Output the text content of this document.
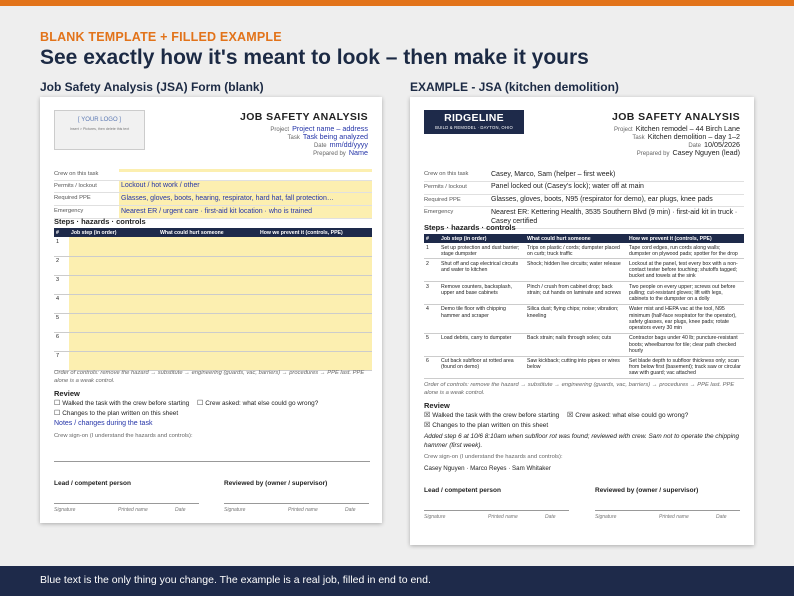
BLANK TEMPLATE + FILLED EXAMPLE
See exactly how it's meant to look – then make it yours
Job Safety Analysis (JSA) Form (blank)	EXAMPLE - JSA (kitchen demolition)
[ YOUR LOGO ]
Insert > Pictures, then delete this text
JOB SAFETY ANALYSIS
Project Project name – address
Task Task being analyzed
Date mm/dd/yyyy
Prepared by Name
Crew on this task
Permits / lockout	Lockout / hot work / other
Required PPE	Glasses, gloves, boots, hearing, respirator, hard hat, fall protection…
Emergency	Nearest ER / urgent care · first-aid kit location · who is trained
Steps · hazards · controls
#	Job step (in order)	What could hurt someone	How we prevent it (controls, PPE)
1			
2			
3			
4			
5			
6			
7			
Order of controls: remove the hazard → substitute → engineering (guards, vac, barriers) → procedures → PPE last. PPE alone is a weak control.
Review
☐ Walked the task with the crew before starting ☐ Crew asked: what else could go wrong? ☐ Changes to the plan written on this sheet
Notes / changes during the task
Crew sign-on (I understand the hazards and controls):
Lead / competent person	Reviewed by (owner / supervisor)
Signature	Printed name	Date	Signature	Printed name	Date
RIDGELINE
BUILD & REMODEL · DAYTON, OHIO
JOB SAFETY ANALYSIS
Project Kitchen remodel – 44 Birch Lane
Task Kitchen demolition – day 1–2
Date 10/05/2026
Prepared by Casey Nguyen (lead)
Crew on this task	Casey, Marco, Sam (helper – first week)
Permits / lockout	Panel locked out (Casey's lock); water off at main
Required PPE	Glasses, gloves, boots, N95 (respirator for demo), ear plugs, knee pads
Emergency	Nearest ER: Kettering Health, 3535 Southern Blvd (9 min) · first-aid kit in truck · Casey certified
Steps · hazards · controls
#	Job step (in order)	What could hurt someone	How we prevent it (controls, PPE)
1	Set up protection and dust barrier; stage dumpster	Trips on plastic / cords; dumpster placed on curb; truck traffic	Tape cord edges, run cords along walls; dumpster on plywood pads; spotter for the drop
2	Shut off and cap electrical circuits and water to kitchen	Shock; hidden live circuits; water release	Lockout at the panel, test every box with a non-contact tester before touching; shutoffs tagged; bucket and towels at the sink
3	Remove counters, backsplash, upper and base cabinets	Pinch / crush from cabinet drop; back strain; cut hands on laminate and screws	Two people on every upper; screws out before pulling; cut-resistant gloves; lift with legs, cabinets to the dumpster on a dolly
4	Demo tile floor with chipping hammer and scraper	Silica dust; flying chips; noise; vibration; kneeling	Water mist and HEPA vac at the tool, N95 minimum (half-face respirator for the operator), safety glasses, ear plugs, knee pads; rotate operators every 30 min
5	Load debris, carry to dumpster	Back strain; nails through soles; cuts	Contractor bags under 40 lb; puncture-resistant boots; wheelbarrow for tile; clear path checked hourly
6	Cut back subfloor at rotted area (found on demo)	Saw kickback; cutting into pipes or wires below	Set blade depth to subfloor thickness only; scan from below first (basement); track saw or circular saw with guard; vac attached
Order of controls: remove the hazard → substitute → engineering (guards, vac, barriers) → procedures → PPE last. PPE alone is a weak control.
Review
☒ Walked the task with the crew before starting ☒ Crew asked: what else could go wrong? ☒ Changes to the plan written on this sheet
Added step 6 at 10/6 8:10am when subfloor rot was found; reviewed with crew. Sam not to operate the chipping hammer (first week).
Crew sign-on (I understand the hazards and controls):
Casey Nguyen · Marco Reyes · Sam Whitaker
Lead / competent person	Reviewed by (owner / supervisor)
Signature	Printed name	Date	Signature	Printed name	Date
Blue text is the only thing you change. The example is a real job, filled in end to end.
